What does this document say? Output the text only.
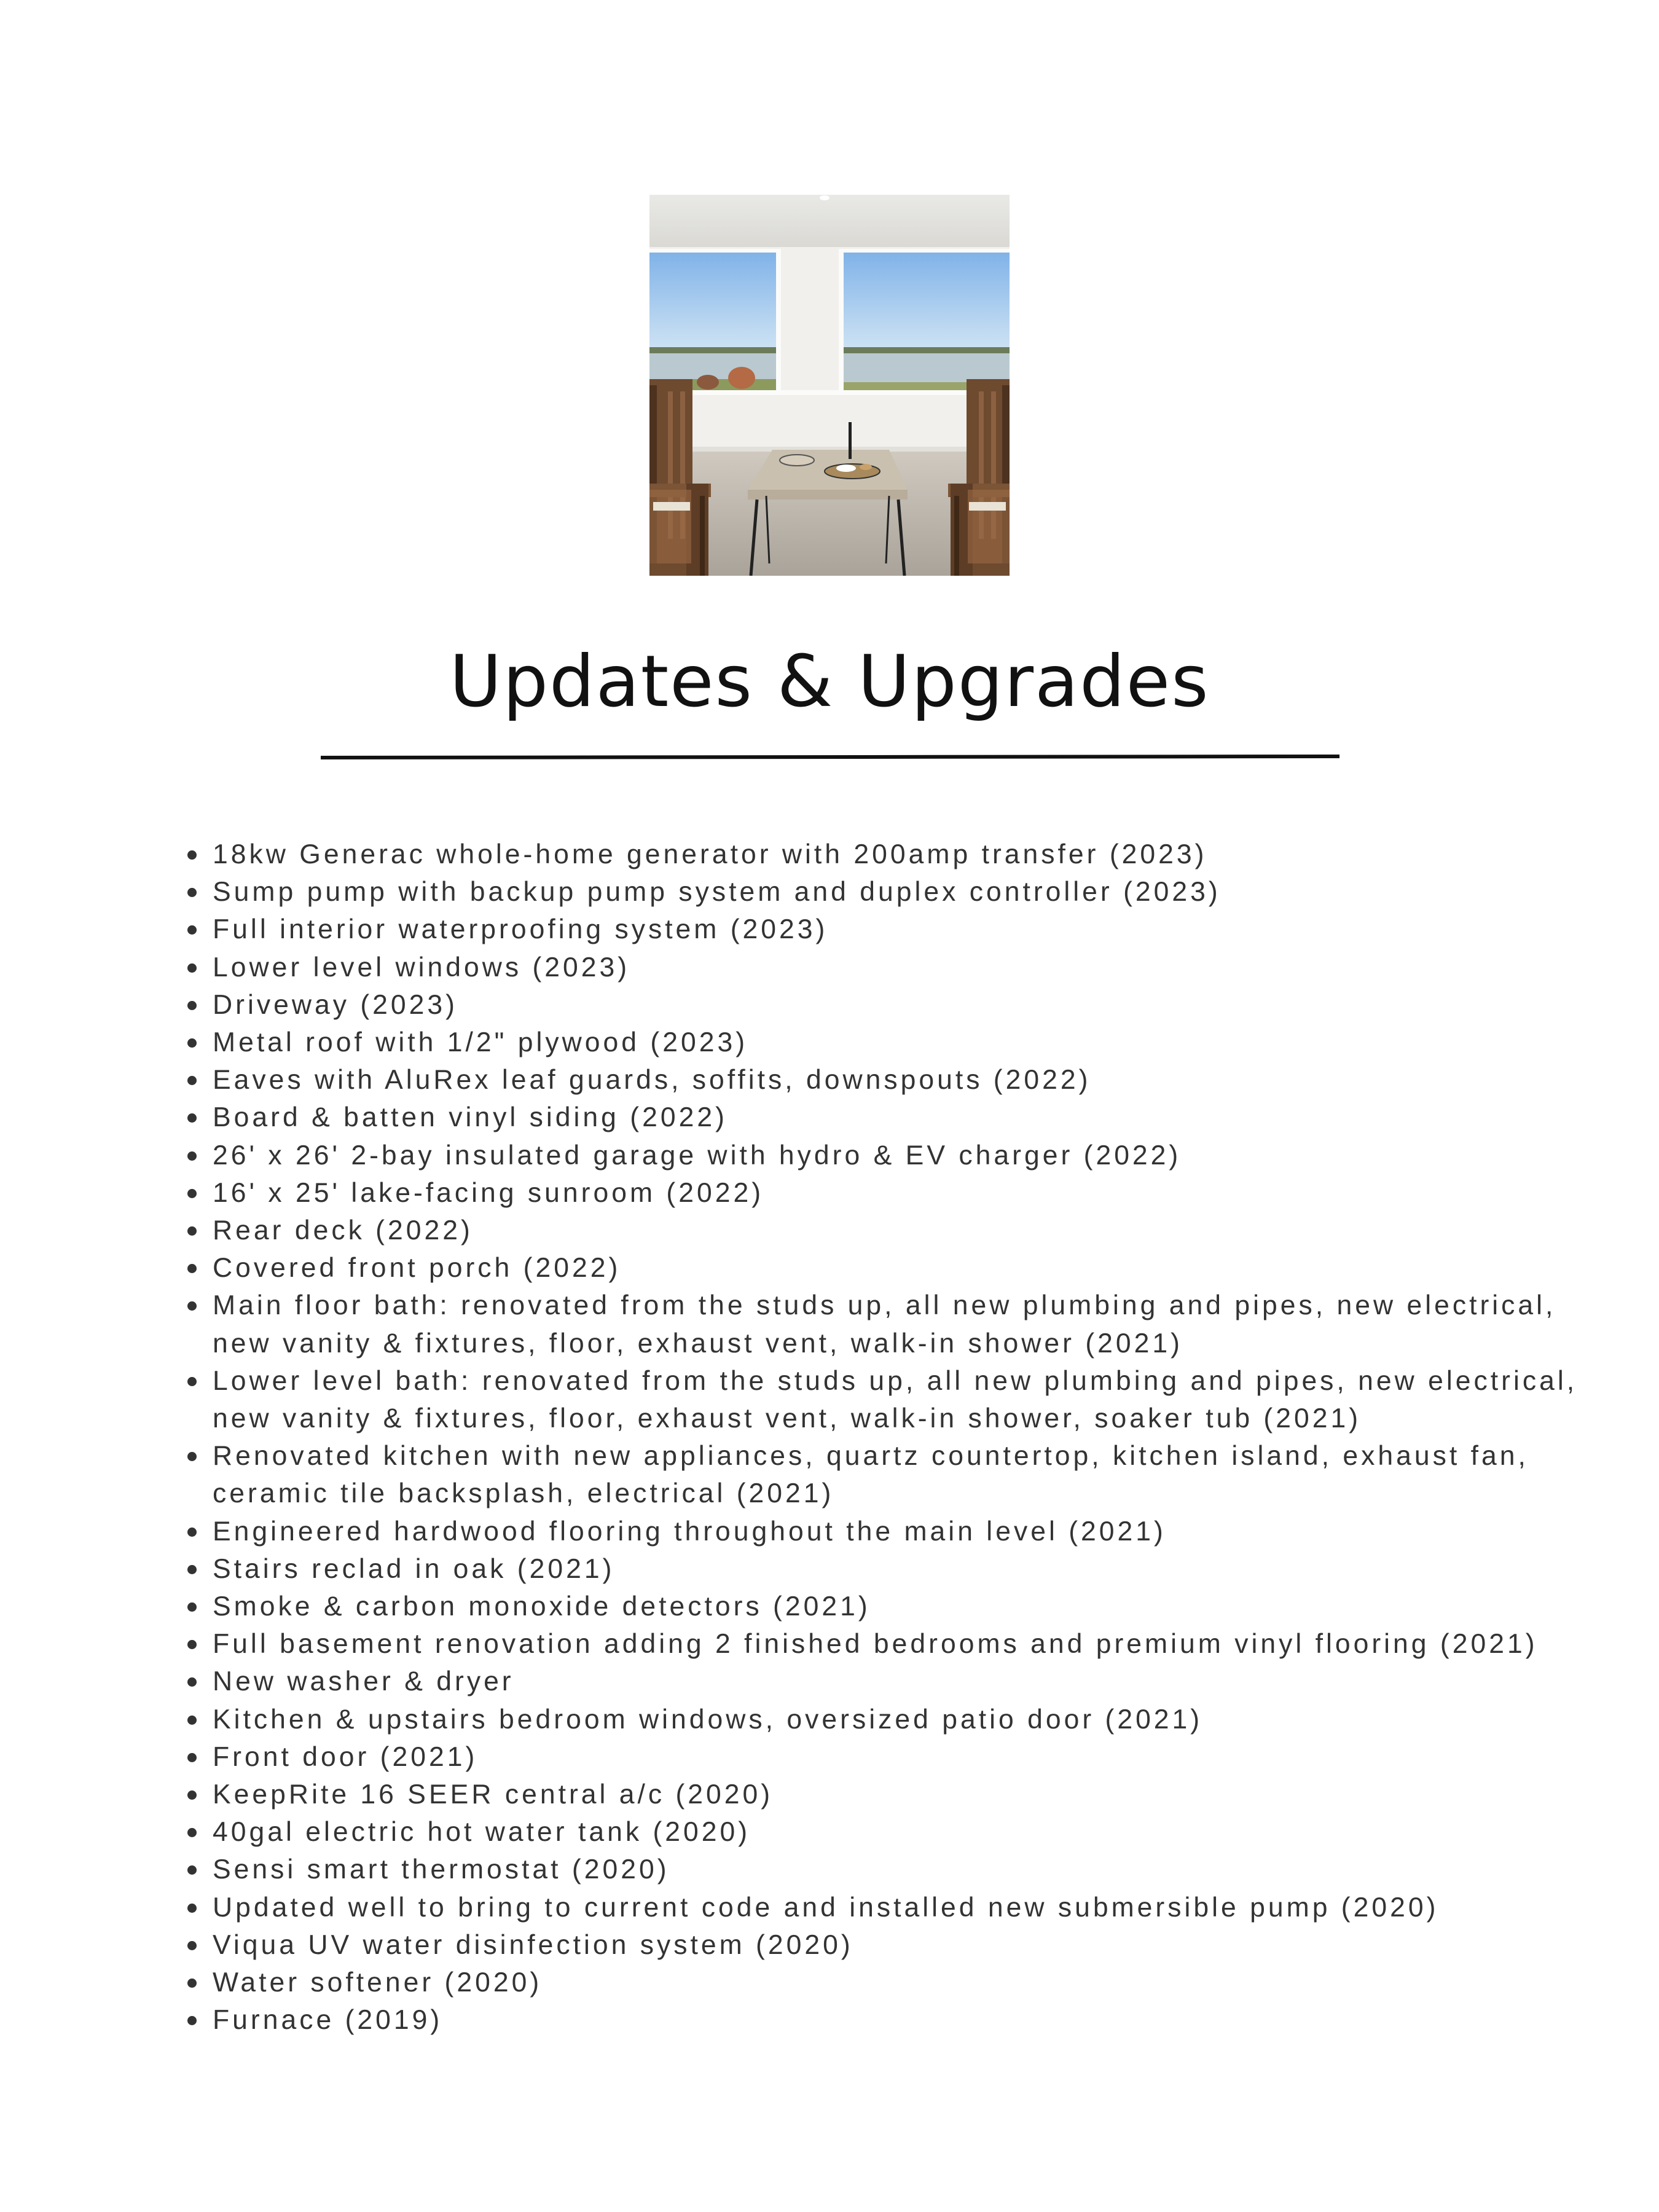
Updates & Upgrades
18kw Generac whole-home generator with 200amp transfer (2023)
Sump pump with backup pump system and duplex controller (2023)
Full interior waterproofing system (2023)
Lower level windows (2023)
Driveway (2023)
Metal roof with 1/2" plywood (2023)
Eaves with AluRex leaf guards, soffits, downspouts (2022)
Board & batten vinyl siding (2022)
26' x 26' 2-bay insulated garage with hydro & EV charger (2022)
16' x 25' lake-facing sunroom (2022)
Rear deck (2022)
Covered front porch (2022)
Main floor bath: renovated from the studs up, all new plumbing and pipes, new electrical, new vanity & fixtures, floor, exhaust vent, walk-in shower (2021)
Lower level bath: renovated from the studs up, all new plumbing and pipes, new electrical, new vanity & fixtures, floor, exhaust vent, walk-in shower, soaker tub (2021)
Renovated kitchen with new appliances, quartz countertop, kitchen island, exhaust fan, ceramic tile backsplash, electrical (2021)
Engineered hardwood flooring throughout the main level (2021)
Stairs reclad in oak (2021)
Smoke & carbon monoxide detectors (2021)
Full basement renovation adding 2 finished bedrooms and premium vinyl flooring (2021)
New washer & dryer
Kitchen & upstairs bedroom windows, oversized patio door (2021)
Front door (2021)
KeepRite 16 SEER central a/c (2020)
40gal electric hot water tank (2020)
Sensi smart thermostat (2020)
Updated well to bring to current code and installed new submersible pump (2020)
Viqua UV water disinfection system (2020)
Water softener (2020)
Furnace (2019)
